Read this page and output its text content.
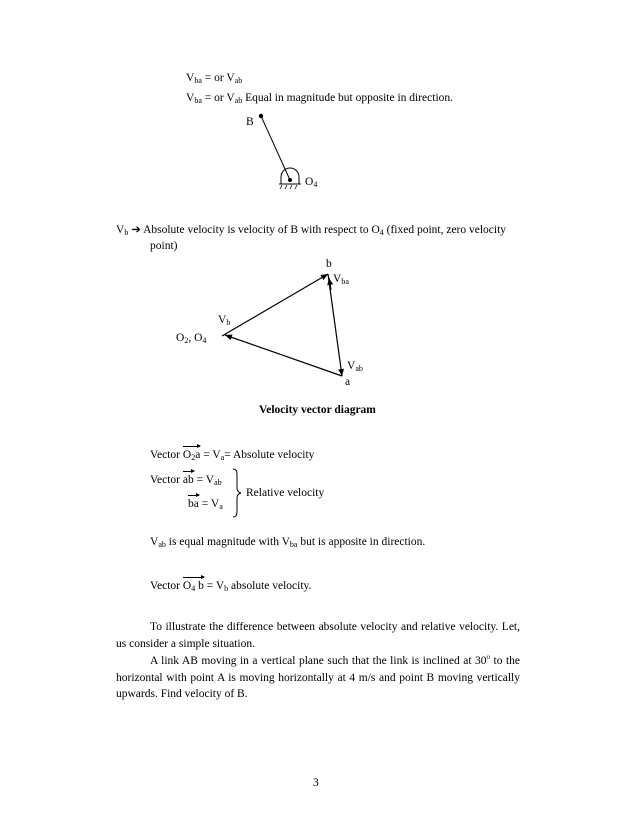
$V_{ba}$ = or $V_{ab}$
$V_{ba}$ = or $V_{ab}$ Equal in magnitude but opposite in direction.
B
$O_4$
$V_b$ ➔ Absolute velocity is velocity of B with respect to $O_4$ (fixed point, zero velocity
point)
b
$V_{ba}$
$V_b$
$O_2$, $O_4$
$V_{ab}$
a
Velocity vector diagram
Vector $O_2a = V_a=$ Absolute velocity
Vector ab = $V_{ab}$
ba = $V_a$
Relative velocity
$V_{ab}$ is equal magnitude with $V_{ba}$ but is apposite in direction.
Vector $O_4$ $b = V_b$ absolute velocity.
To illustrate the difference between absolute velocity and relative velocity. Let, us consider a simple situation.
A link AB moving in a vertical plane such that the link is inclined at 30$^o$ to the horizontal with point A is moving horizontally at 4 m/s and point B moving vertically upwards. Find velocity of B.
3
